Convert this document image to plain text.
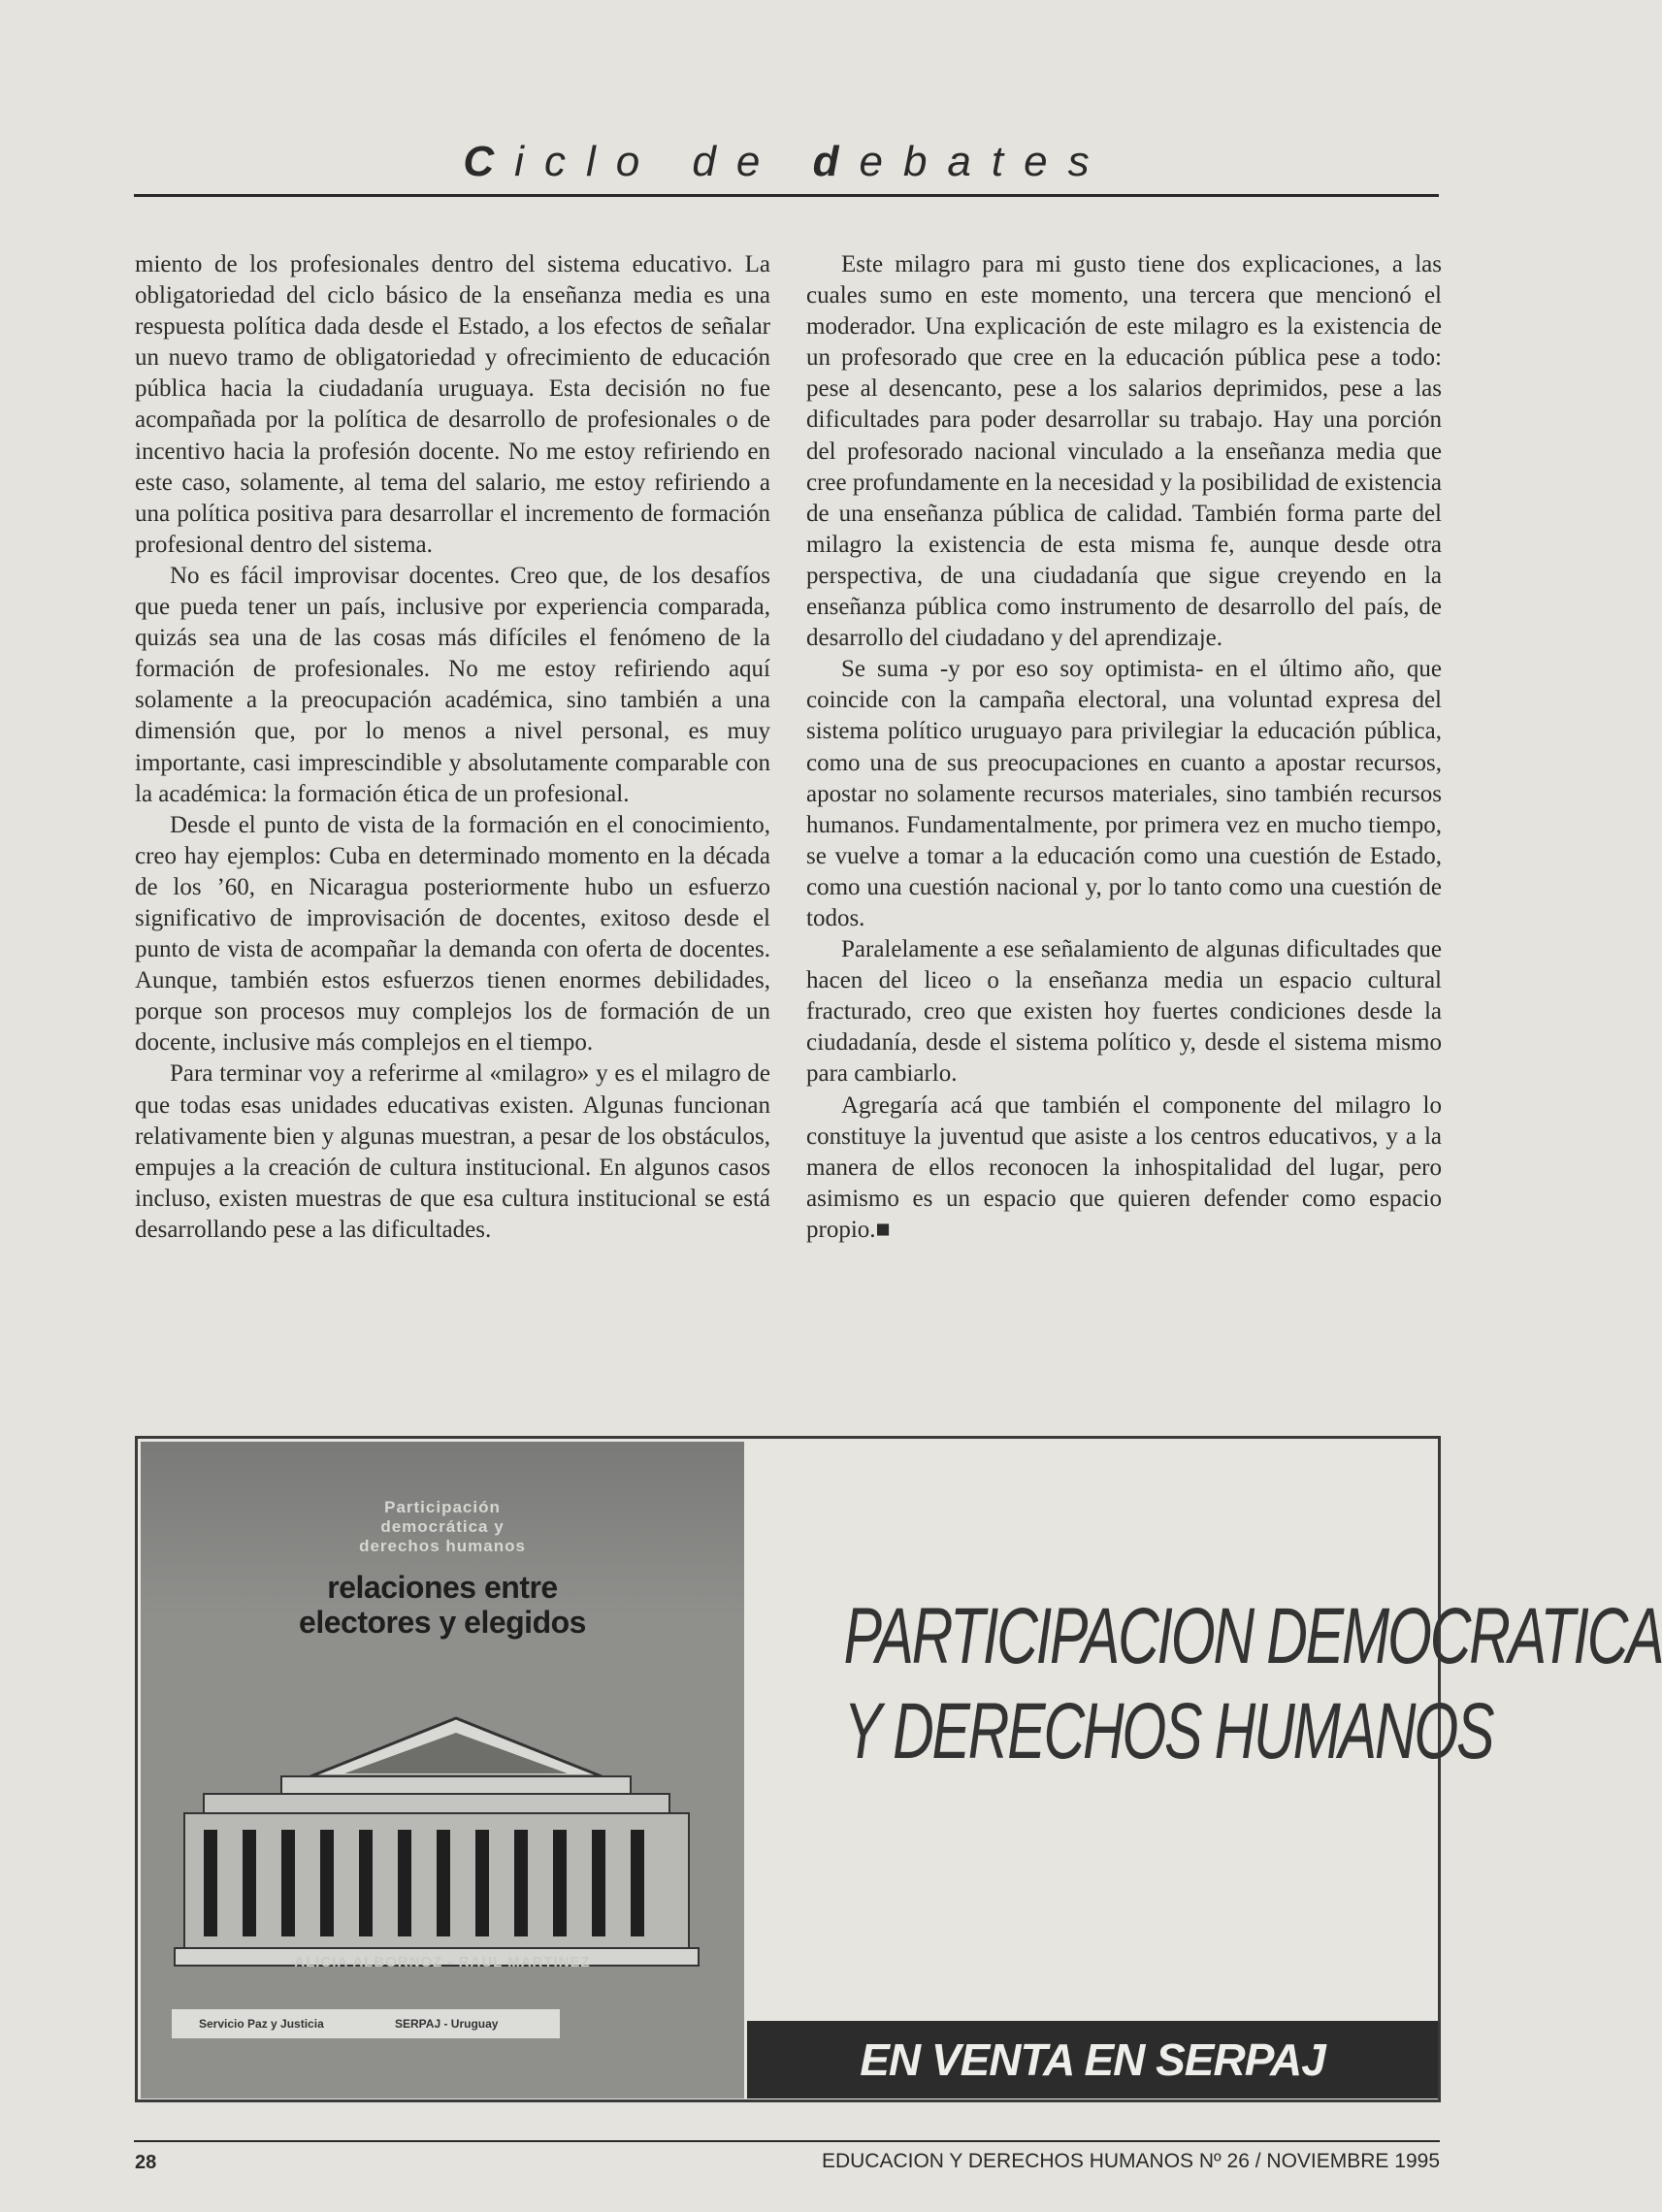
Ciclo de debates

miento de los profesionales dentro del sistema educativo. La obligatoriedad del ciclo básico de la enseñanza media es una respuesta política dada desde el Estado, a los efectos de señalar un nuevo tramo de obligatoriedad y ofrecimiento de educación pública hacia la ciudadanía uruguaya. Esta decisión no fue acompañada por la política de desarrollo de profesionales o de incentivo hacia la profesión docente. No me estoy refiriendo en este caso, solamente, al tema del salario, me estoy refiriendo a una política positiva para desarrollar el incremento de formación profesional dentro del sistema.

No es fácil improvisar docentes. Creo que, de los desafíos que pueda tener un país, inclusive por experiencia comparada, quizás sea una de las cosas más difíciles el fenómeno de la formación de profesionales. No me estoy refiriendo aquí solamente a la preocupación académica, sino también a una dimensión que, por lo menos a nivel personal, es muy importante, casi imprescindible y absolutamente comparable con la académica: la formación ética de un profesional.

Desde el punto de vista de la formación en el conocimiento, creo hay ejemplos: Cuba en determinado momento en la década de los ’60, en Nicaragua posteriormente hubo un esfuerzo significativo de improvisación de docentes, exitoso desde el punto de vista de acompañar la demanda con oferta de docentes. Aunque, también estos esfuerzos tienen enormes debilidades, porque son procesos muy complejos los de formación de un docente, inclusive más complejos en el tiempo.

Para terminar voy a referirme al «milagro» y es el milagro de que todas esas unidades educativas existen. Algunas funcionan relativamente bien y algunas muestran, a pesar de los obstáculos, empujes a la creación de cultura institucional. En algunos casos incluso, existen muestras de que esa cultura institucional se está desarrollando pese a las dificultades.

Este milagro para mi gusto tiene dos explicaciones, a las cuales sumo en este momento, una tercera que mencionó el moderador. Una explicación de este milagro es la existencia de un profesorado que cree en la educación pública pese a todo: pese al desencanto, pese a los salarios deprimidos, pese a las dificultades para poder desarrollar su trabajo. Hay una porción del profesorado nacional vinculado a la enseñanza media que cree profundamente en la necesidad y la posibilidad de existencia de una enseñanza pública de calidad. También forma parte del milagro la existencia de esta misma fe, aunque desde otra perspectiva, de una ciudadanía que sigue creyendo en la enseñanza pública como instrumento de desarrollo del país, de desarrollo del ciudadano y del aprendizaje.

Se suma -y por eso soy optimista- en el último año, que coincide con la campaña electoral, una voluntad expresa del sistema político uruguayo para privilegiar la educación pública, como una de sus preocupaciones en cuanto a apostar recursos, apostar no solamente recursos materiales, sino también recursos humanos. Fundamentalmente, por primera vez en mucho tiempo, se vuelve a tomar a la educación como una cuestión de Estado, como una cuestión nacional y, por lo tanto como una cuestión de todos.

Paralelamente a ese señalamiento de algunas dificultades que hacen del liceo o la enseñanza media un espacio cultural fracturado, creo que existen hoy fuertes condiciones desde la ciudadanía, desde el sistema político y, desde el sistema mismo para cambiarlo.

Agregaría acá que también el componente del milagro lo constituye la juventud que asiste a los centros educativos, y a la manera de ellos reconocen la inhospitalidad del lugar, pero asimismo es un espacio que quieren defender como espacio propio.■

Participación
democrática y
derechos humanos
relaciones entre
electores y elegidos
ALICIA ALBORNOZ - RAUL MARTINEZ
Servicio Paz y Justicia	SERPAJ - Uruguay
PARTICIPACION DEMOCRATICA
Y DERECHOS HUMANOS
EN VENTA EN SERPAJ
28	EDUCACION Y DERECHOS HUMANOS Nº 26 / NOVIEMBRE 1995
